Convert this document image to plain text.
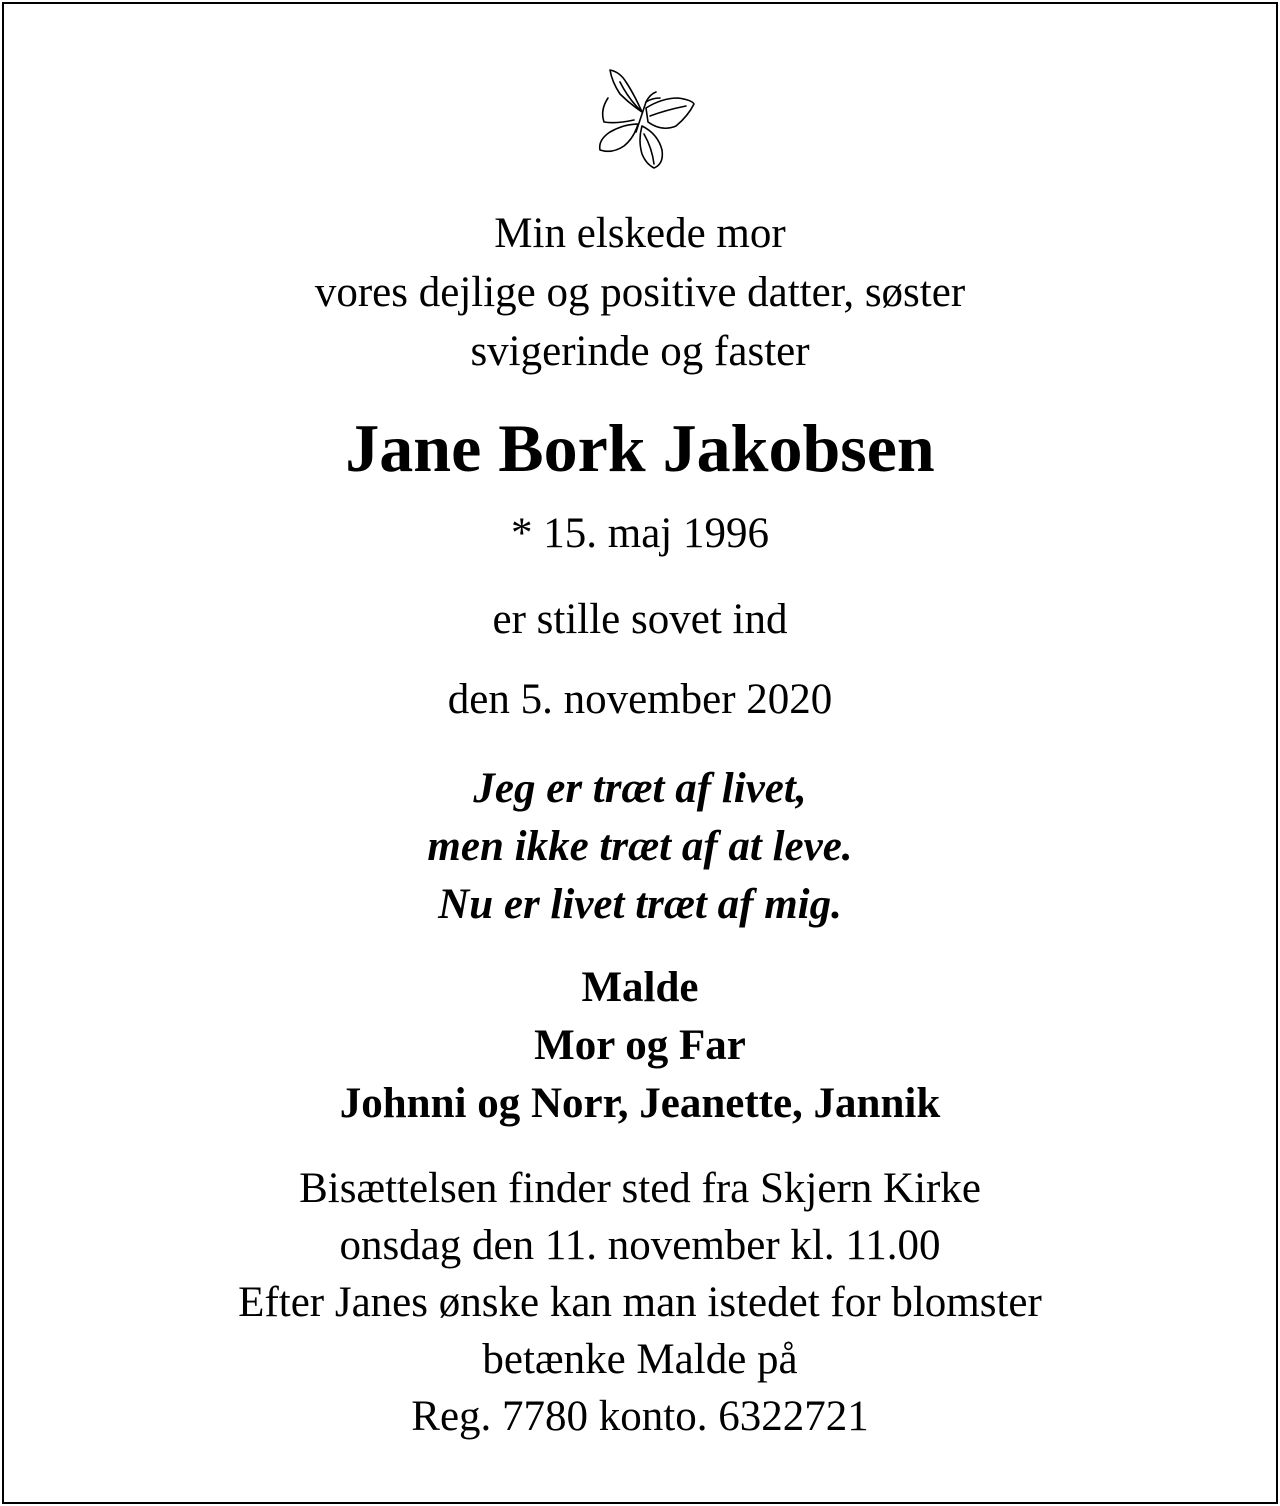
Min elskede mor
vores dejlige og positive datter, søster
svigerinde og faster
Jane Bork Jakobsen
* 15. maj 1996
er stille sovet ind
den 5. november 2020
Jeg er træt af livet,
men ikke træt af at leve.
Nu er livet træt af mig.
Malde
Mor og Far
Johnni og Norr, Jeanette, Jannik
Bisættelsen finder sted fra Skjern Kirke
onsdag den 11. november kl. 11.00
Efter Janes ønske kan man istedet for blomster
betænke Malde på
Reg. 7780 konto. 6322721
